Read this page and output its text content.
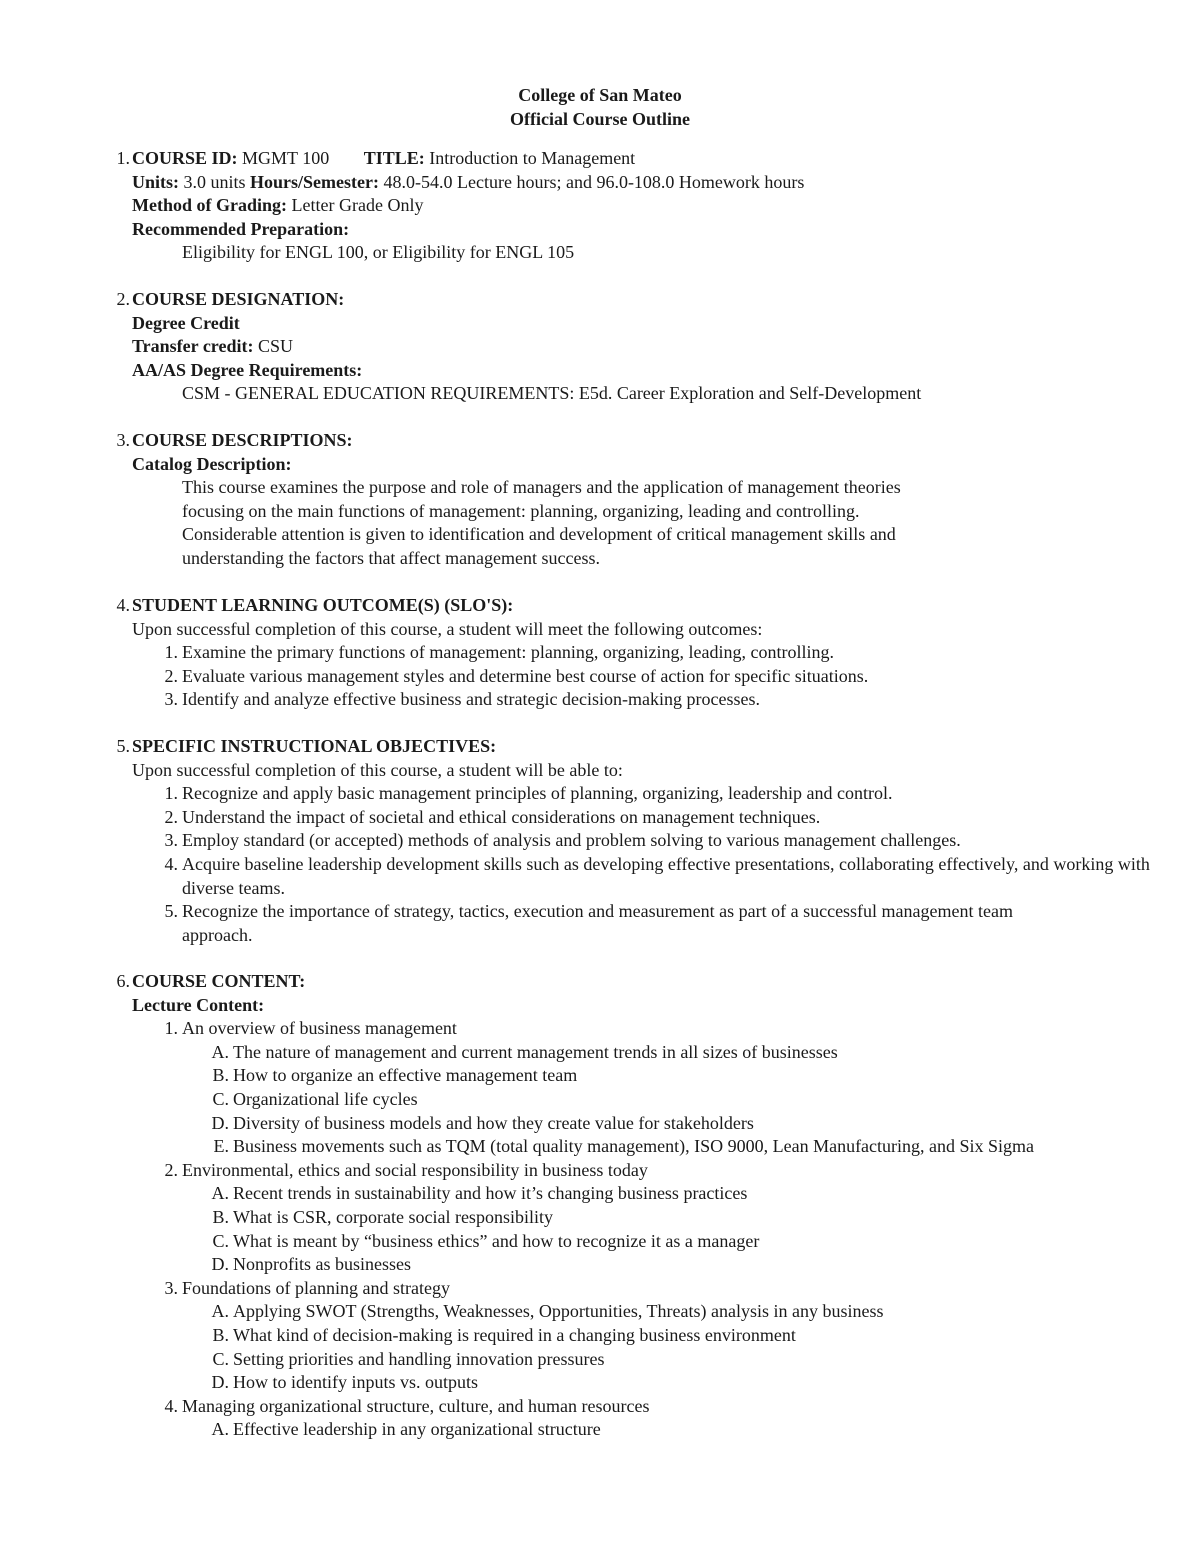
College of San Mateo
Official Course Outline
1. COURSE ID: MGMT 100 TITLE: Introduction to Management
Units: 3.0 units Hours/Semester: 48.0-54.0 Lecture hours; and 96.0-108.0 Homework hours
Method of Grading: Letter Grade Only
Recommended Preparation:
Eligibility for ENGL 100, or Eligibility for ENGL 105
2. COURSE DESIGNATION:
Degree Credit
Transfer credit: CSU
AA/AS Degree Requirements:
CSM - GENERAL EDUCATION REQUIREMENTS: E5d. Career Exploration and Self-Development
3. COURSE DESCRIPTIONS:
Catalog Description:
This course examines the purpose and role of managers and the application of management theories
focusing on the main functions of management: planning, organizing, leading and controlling.
Considerable attention is given to identification and development of critical management skills and
understanding the factors that affect management success.
4. STUDENT LEARNING OUTCOME(S) (SLO'S):
Upon successful completion of this course, a student will meet the following outcomes:
1. Examine the primary functions of management: planning, organizing, leading, controlling.
2. Evaluate various management styles and determine best course of action for specific situations.
3. Identify and analyze effective business and strategic decision-making processes.
5. SPECIFIC INSTRUCTIONAL OBJECTIVES:
Upon successful completion of this course, a student will be able to:
1. Recognize and apply basic management principles of planning, organizing, leadership and control.
2. Understand the impact of societal and ethical considerations on management techniques.
3. Employ standard (or accepted) methods of analysis and problem solving to various management challenges.
4. Acquire baseline leadership development skills such as developing effective presentations, collaborating effectively, and working with diverse teams.
5. Recognize the importance of strategy, tactics, execution and measurement as part of a successful management team approach.
6. COURSE CONTENT:
Lecture Content:
1. An overview of business management
A. The nature of management and current management trends in all sizes of businesses
B. How to organize an effective management team
C. Organizational life cycles
D. Diversity of business models and how they create value for stakeholders
E. Business movements such as TQM (total quality management), ISO 9000, Lean Manufacturing, and Six Sigma
2. Environmental, ethics and social responsibility in business today
A. Recent trends in sustainability and how it’s changing business practices
B. What is CSR, corporate social responsibility
C. What is meant by “business ethics” and how to recognize it as a manager
D. Nonprofits as businesses
3. Foundations of planning and strategy
A. Applying SWOT (Strengths, Weaknesses, Opportunities, Threats) analysis in any business
B. What kind of decision-making is required in a changing business environment
C. Setting priorities and handling innovation pressures
D. How to identify inputs vs. outputs
4. Managing organizational structure, culture, and human resources
A. Effective leadership in any organizational structure
